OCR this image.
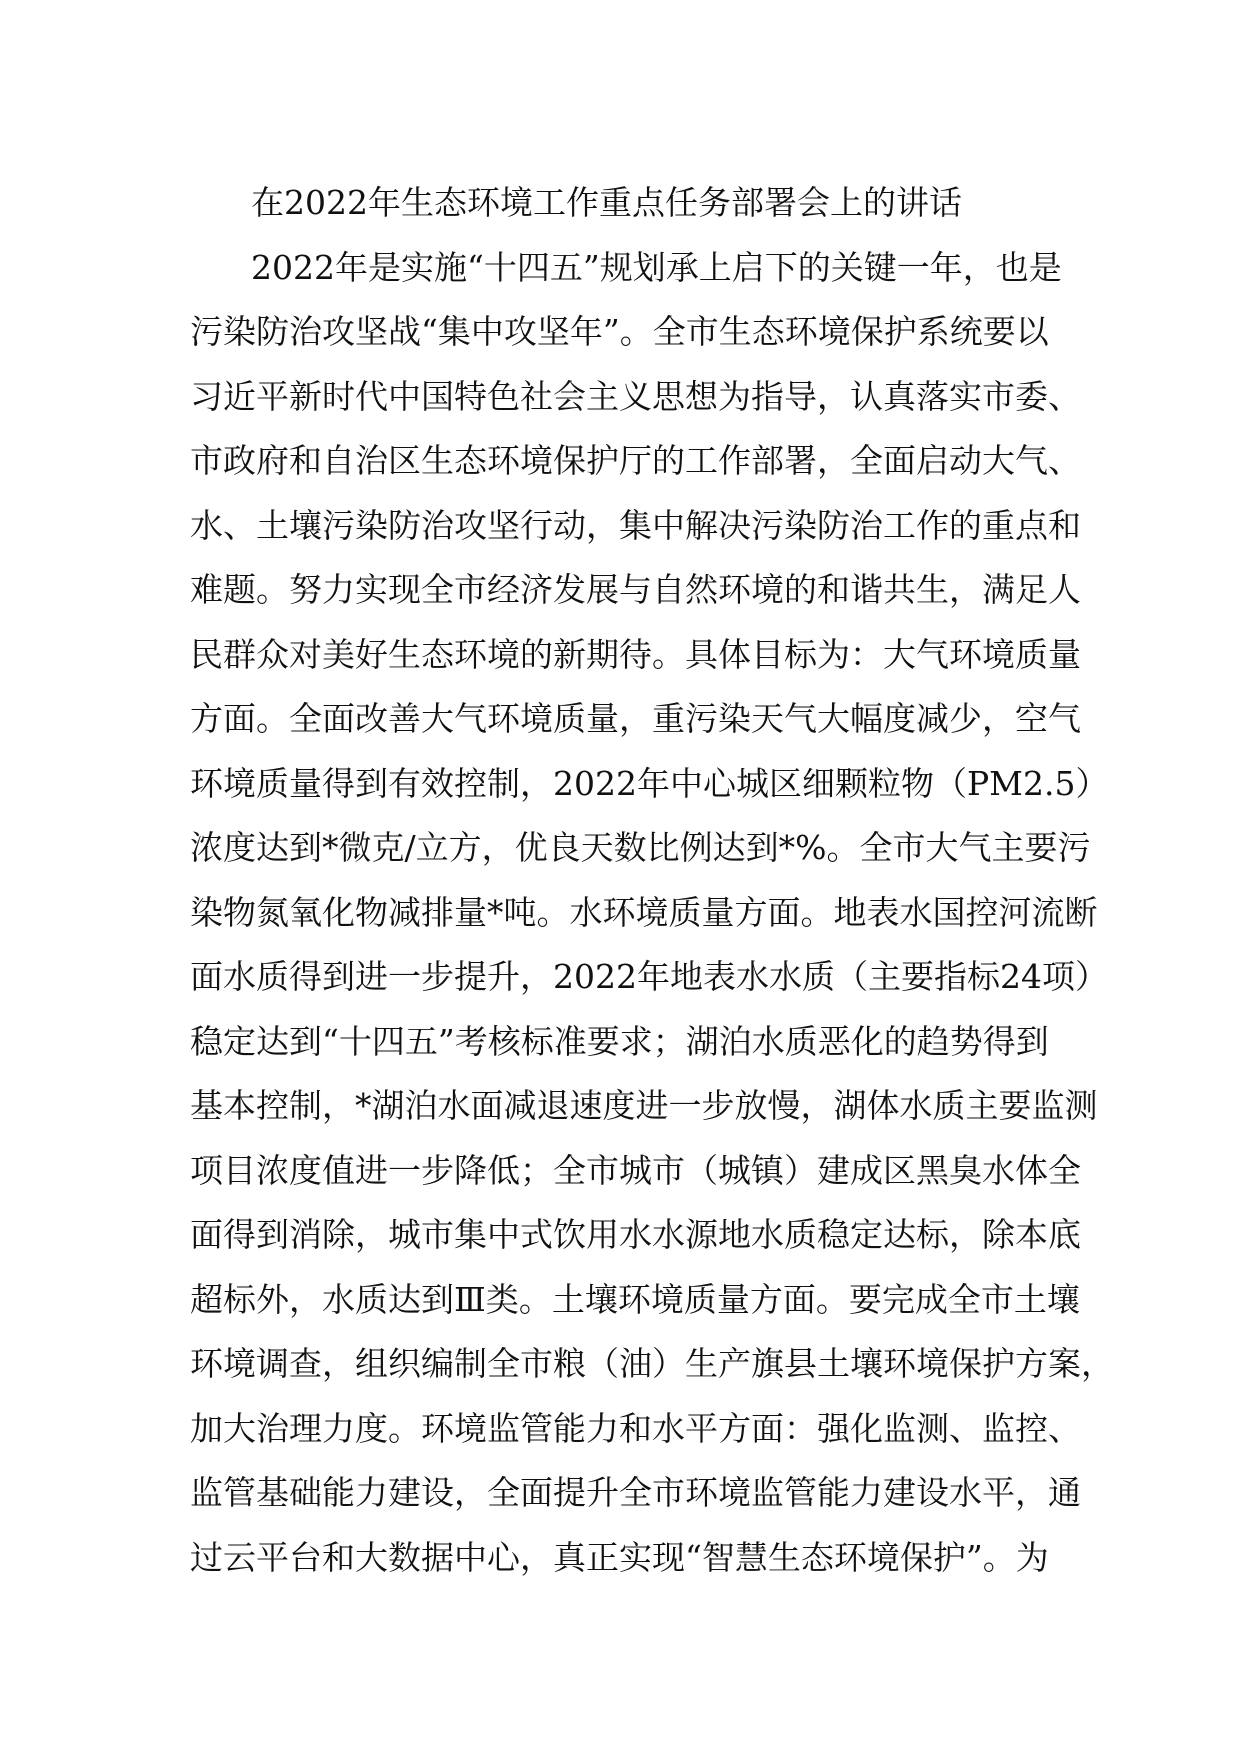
在2022年生态环境工作重点任务部署会上的讲话
2022年是实施“十四五”规划承上启下的关键一年，也是
污染防治攻坚战“集中攻坚年”。全市生态环境保护系统要以
习近平新时代中国特色社会主义思想为指导，认真落实市委、
市政府和自治区生态环境保护厅的工作部署，全面启动大气、
水、土壤污染防治攻坚行动，集中解决污染防治工作的重点和
难题。努力实现全市经济发展与自然环境的和谐共生，满足人
民群众对美好生态环境的新期待。具体目标为：大气环境质量
方面。全面改善大气环境质量，重污染天气大幅度减少，空气
环境质量得到有效控制，2022年中心城区细颗粒物（PM2.5）
浓度达到*微克/立方，优良天数比例达到*%。全市大气主要污
染物氮氧化物减排量*吨。水环境质量方面。地表水国控河流断
面水质得到进一步提升，2022年地表水水质（主要指标24项）
稳定达到“十四五”考核标准要求；湖泊水质恶化的趋势得到
基本控制，*湖泊水面减退速度进一步放慢，湖体水质主要监测
项目浓度值进一步降低；全市城市（城镇）建成区黑臭水体全
面得到消除，城市集中式饮用水水源地水质稳定达标，除本底
超标外，水质达到Ⅲ类。土壤环境质量方面。要完成全市土壤
环境调查，组织编制全市粮（油）生产旗县土壤环境保护方案，
加大治理力度。环境监管能力和水平方面：强化监测、监控、
监管基础能力建设，全面提升全市环境监管能力建设水平，通
过云平台和大数据中心，真正实现“智慧生态环境保护”。为
